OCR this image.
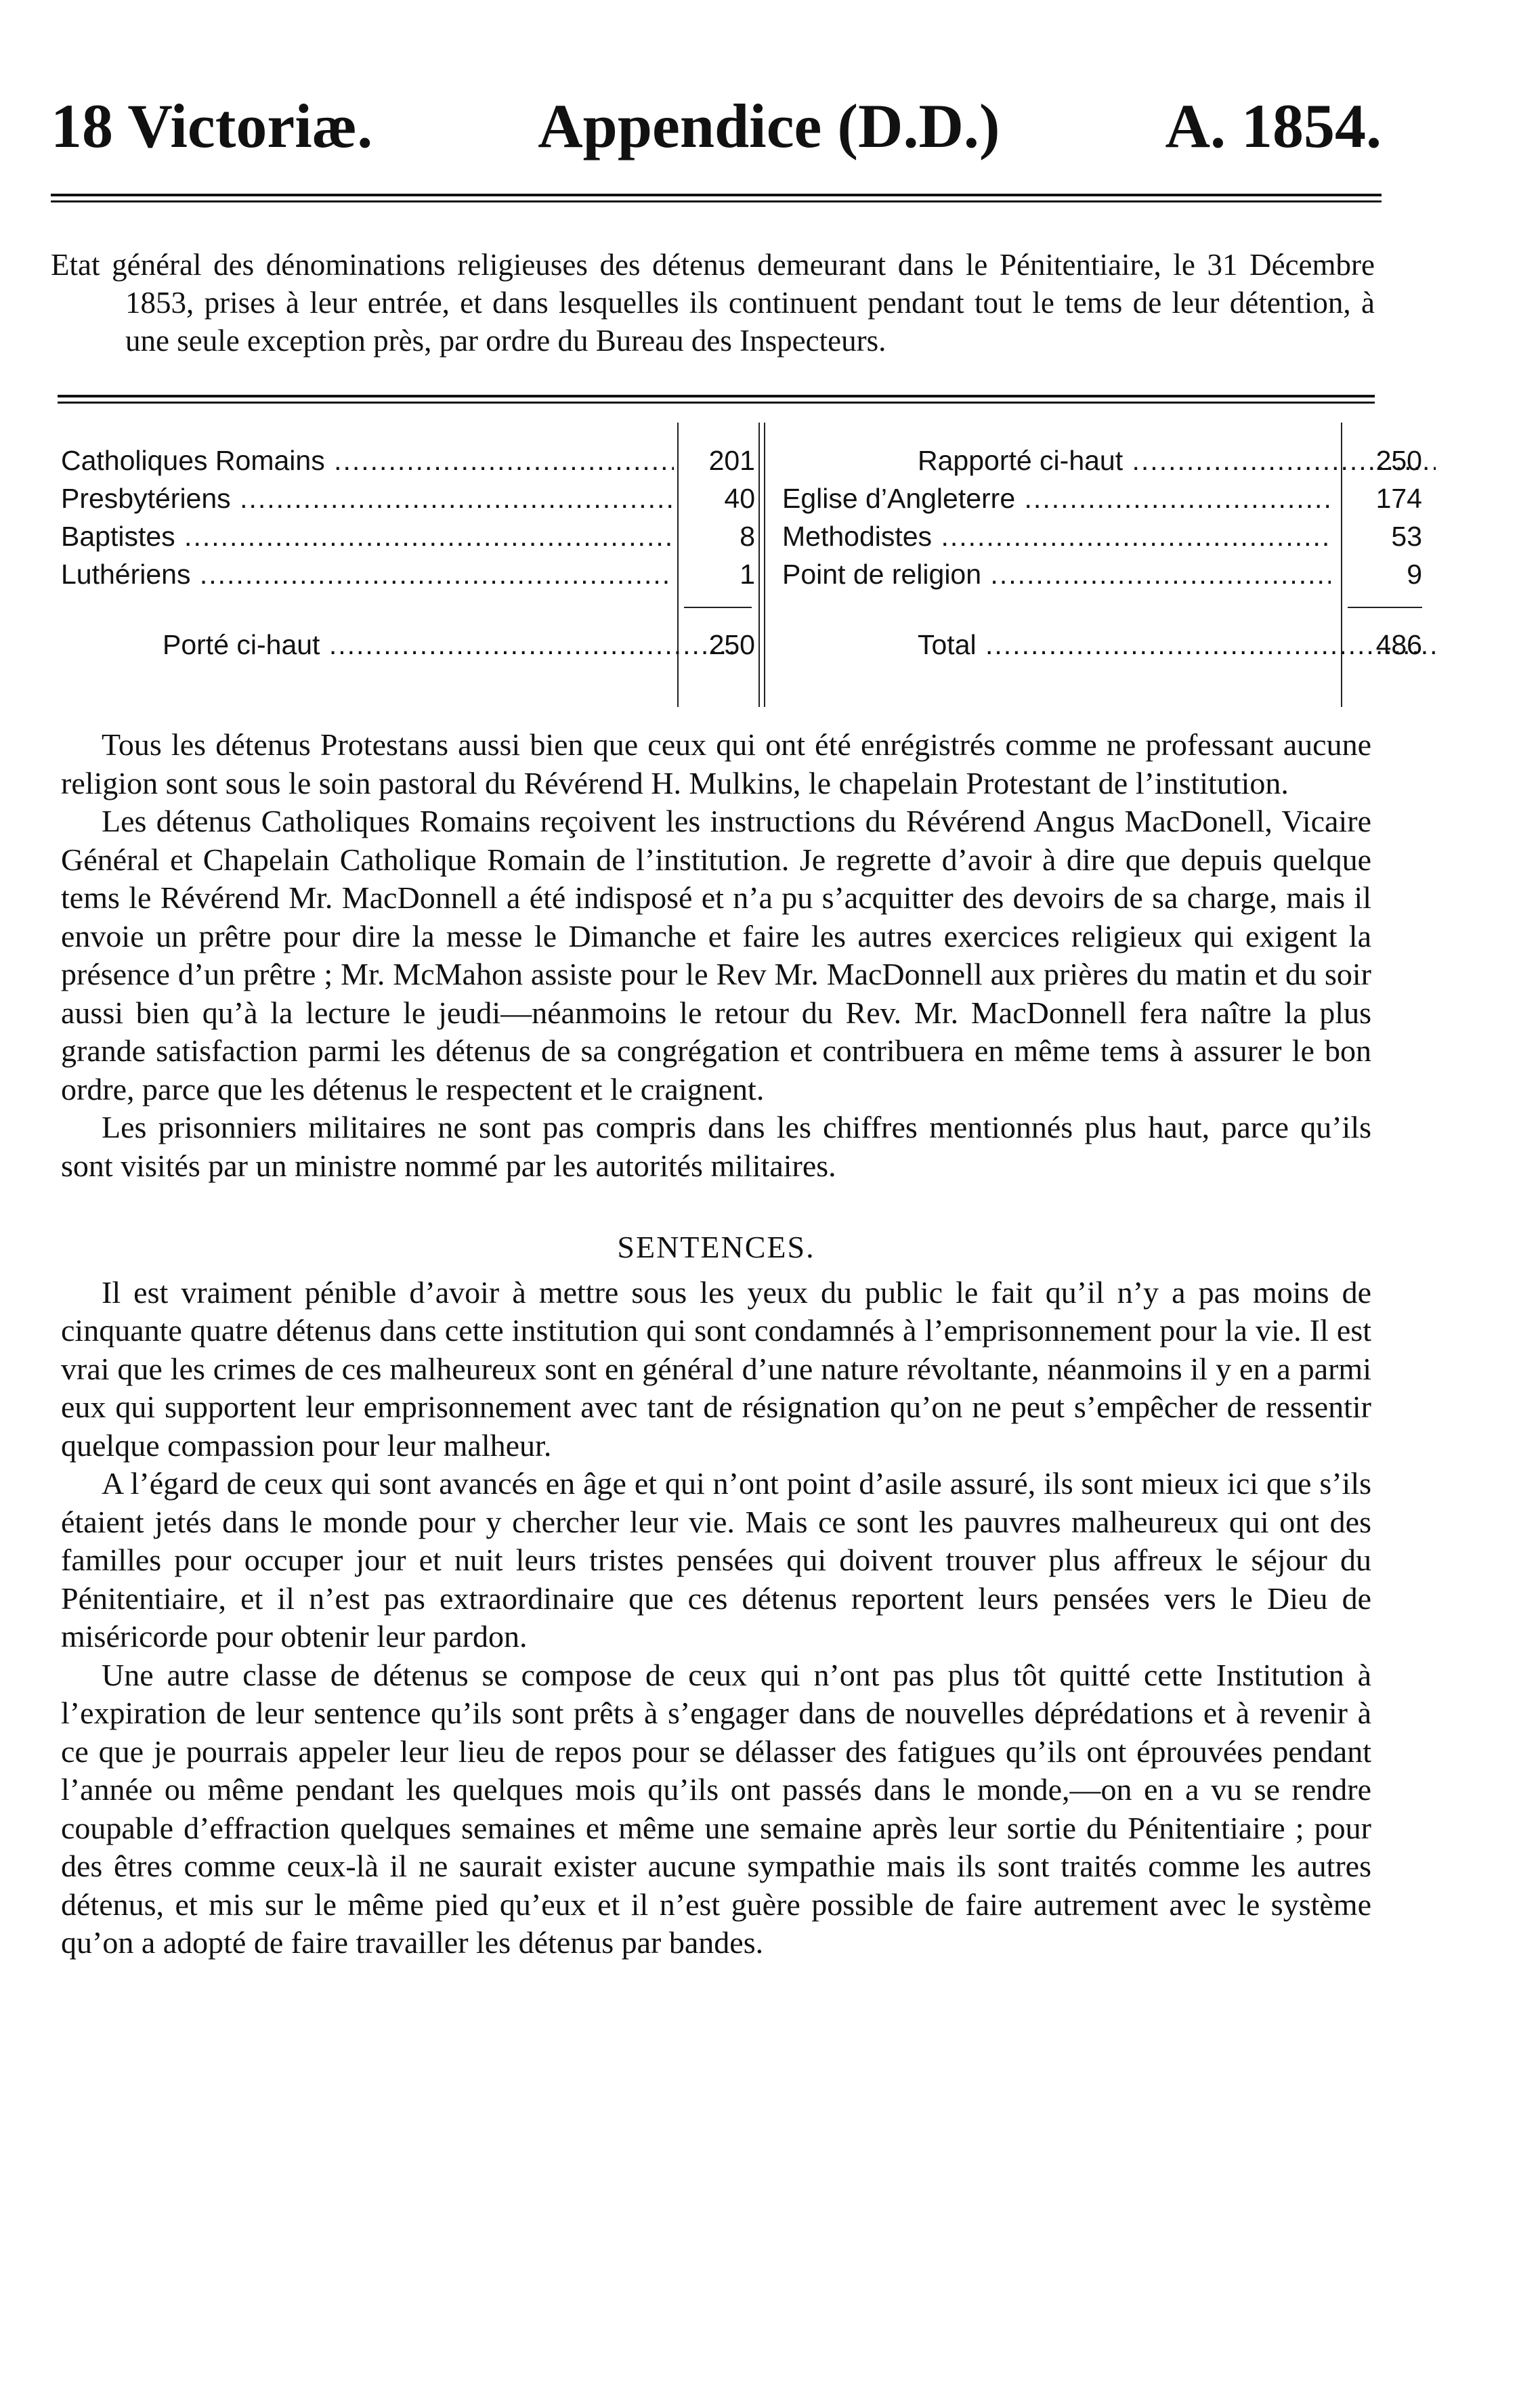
18 Victoriæ.	Appendice (D.D.)	A. 1854.
Etat général des dénominations religieuses des détenus demeurant dans le Pénitentiaire, le 31 Décembre 1853, prises à leur entrée, et dans lesquelles ils continuent pendant tout le tems de leur détention, à une seule exception près, par ordre du Bureau des Inspecteurs.
Catholiques Romains .....	201
Presbytériens .....	40
Baptistes .....	8
Luthériens .....	1
Porté ci-haut .....	250
Rapporté ci-haut .....	250
Eglise d’Angleterre .....	174
Methodistes .....	53
Point de religion .....	9
Total .....	486

Tous les détenus Protestans aussi bien que ceux qui ont été enrégistrés comme ne professant aucune religion sont sous le soin pastoral du Révérend H. Mulkins, le chapelain Protestant de l’institution.

Les détenus Catholiques Romains reçoivent les instructions du Révérend Angus MacDonell, Vicaire Général et Chapelain Catholique Romain de l’institution. Je regrette d’avoir à dire que depuis quelque tems le Révérend Mr. MacDonnell a été indisposé et n’a pu s’acquitter des devoirs de sa charge, mais il envoie un prêtre pour dire la messe le Dimanche et faire les autres exercices religieux qui exigent la présence d’un prêtre ; Mr. McMahon assiste pour le Rev Mr. MacDonnell aux prières du matin et du soir aussi bien qu’à la lecture le jeudi—néanmoins le retour du Rev. Mr. MacDonnell fera naître la plus grande satisfaction parmi les détenus de sa congrégation et contribuera en même tems à assurer le bon ordre, parce que les détenus le respectent et le craignent.

Les prisonniers militaires ne sont pas compris dans les chiffres mentionnés plus haut, parce qu’ils sont visités par un ministre nommé par les autorités militaires.

SENTENCES.

Il est vraiment pénible d’avoir à mettre sous les yeux du public le fait qu’il n’y a pas moins de cinquante quatre détenus dans cette institution qui sont condamnés à l’emprisonnement pour la vie. Il est vrai que les crimes de ces malheureux sont en général d’une nature révoltante, néanmoins il y en a parmi eux qui supportent leur emprisonnement avec tant de résignation qu’on ne peut s’empêcher de ressentir quelque compassion pour leur malheur.

A l’égard de ceux qui sont avancés en âge et qui n’ont point d’asile assuré, ils sont mieux ici que s’ils étaient jetés dans le monde pour y chercher leur vie. Mais ce sont les pauvres malheureux qui ont des familles pour occuper jour et nuit leurs tristes pensées qui doivent trouver plus affreux le séjour du Pénitentiaire, et il n’est pas extraordinaire que ces détenus reportent leurs pensées vers le Dieu de miséricorde pour obtenir leur pardon.

Une autre classe de détenus se compose de ceux qui n’ont pas plus tôt quitté cette Institution à l’expiration de leur sentence qu’ils sont prêts à s’engager dans de nouvelles déprédations et à revenir à ce que je pourrais appeler leur lieu de repos pour se délasser des fatigues qu’ils ont éprouvées pendant l’année ou même pendant les quelques mois qu’ils ont passés dans le monde,—on en a vu se rendre coupable d’effraction quelques semaines et même une semaine après leur sortie du Pénitentiaire ; pour des êtres comme ceux-là il ne saurait exister aucune sympathie mais ils sont traités comme les autres détenus, et mis sur le même pied qu’eux et il n’est guère possible de faire autrement avec le système qu’on a adopté de faire travailler les détenus par bandes.
